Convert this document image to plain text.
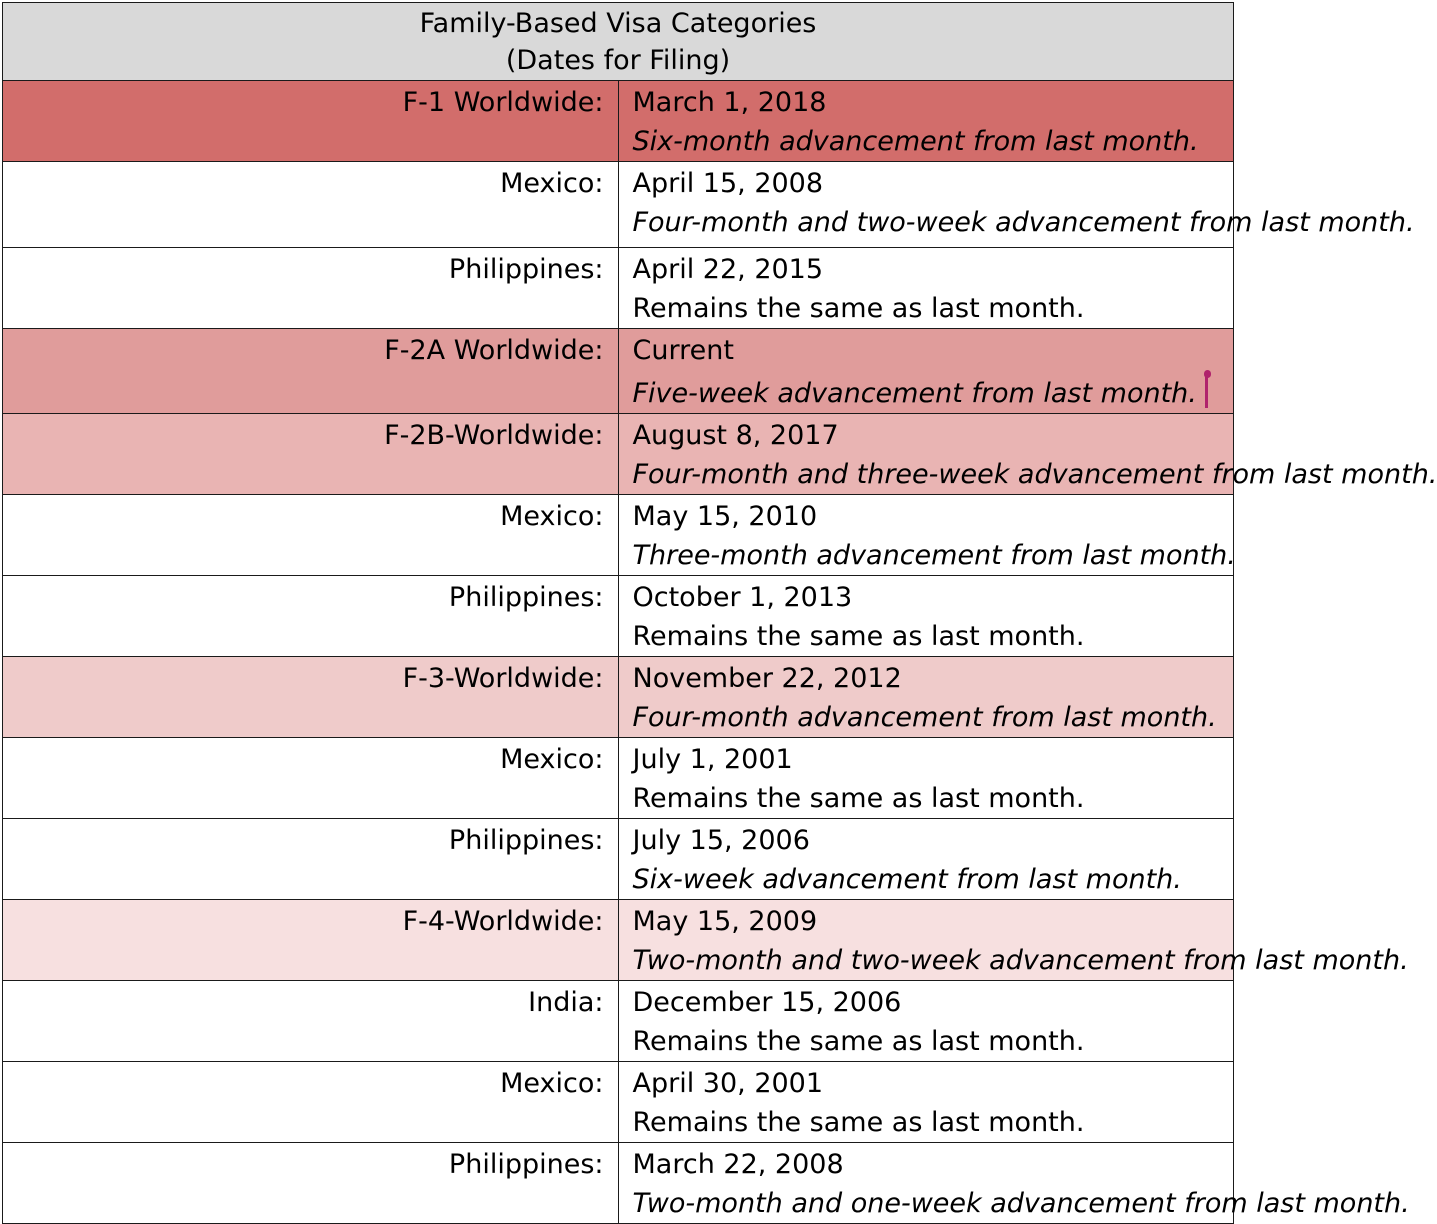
Family-Based Visa Categories
(Dates for Filing)	

F-1 Worldwide:	March 1, 2018
Six-month advancement from last month.

Mexico:	April 15, 2008
Four-month and two-week advancement from last month.

Philippines:	April 22, 2015
Remains the same as last month.

F-2A Worldwide:	Current
Five-week advancement from last month.

F-2B-Worldwide:	August 8, 2017
Four-month and three-week advancement from last month.

Mexico:	May 15, 2010
Three-month advancement from last month.

Philippines:	October 1, 2013
Remains the same as last month.

F-3-Worldwide:	November 22, 2012
Four-month advancement from last month.

Mexico:	July 1, 2001
Remains the same as last month.

Philippines:	July 15, 2006
Six-week advancement from last month.

F-4-Worldwide:	May 15, 2009
Two-month and two-week advancement from last month.

India:	December 15, 2006
Remains the same as last month.

Mexico:	April 30, 2001
Remains the same as last month.

Philippines:	March 22, 2008
Two-month and one-week advancement from last month.
